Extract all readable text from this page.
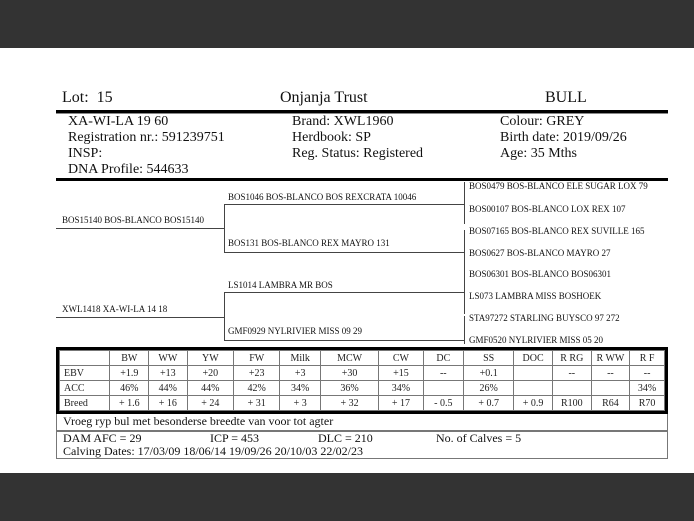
Lot: 15	Onjanja Trust	BULL
XA-WI-LA 19 60
Registration nr.: 591239751
INSP:
DNA Profile: 544633
Brand: XWL1960
Herdbook: SP
Reg. Status: Registered
Colour: GREY
Birth date: 2019/09/26
Age: 35 Mths
BOS15140 BOS-BLANCO BOS15140
XWL1418 XA-WI-LA 14 18
BOS1046 BOS-BLANCO BOS REXCRATA 10046
BOS131 BOS-BLANCO REX MAYRO 131
LS1014 LAMBRA MR BOS
GMF0929 NYLRIVIER MISS 09 29
BOS0479 BOS-BLANCO ELE SUGAR LOX 79
BOS00107 BOS-BLANCO LOX REX 107
BOS07165 BOS-BLANCO REX SUVILLE 165
BOS0627 BOS-BLANCO MAYRO 27
BOS06301 BOS-BLANCO BOS06301
LS073 LAMBRA MISS BOSHOEK
STA97272 STARLING BUYSCO 97 272
GMF0520 NYLRIVIER MISS 05 20
	BW	WW	YW	FW	Milk	MCW	CW	DC	SS	DOC	R RG	R WW	R F
EBV	+1.9	+13	+20	+23	+3	+30	+15	--	+0.1		--	--	--
ACC	46%	44%	44%	42%	34%	36%	34%		26%				34%
Breed	+ 1.6	+ 16	+ 24	+ 31	+ 3	+ 32	+ 17	- 0.5	+ 0.7	+ 0.9	R100	R64	R70
Vroeg ryp bul met besonderse breedte van voor tot agter
DAM AFC = 29	ICP = 453	DLC = 210	No. of Calves = 5
Calving Dates: 17/03/09 18/06/14 19/09/26 20/10/03 22/02/23
